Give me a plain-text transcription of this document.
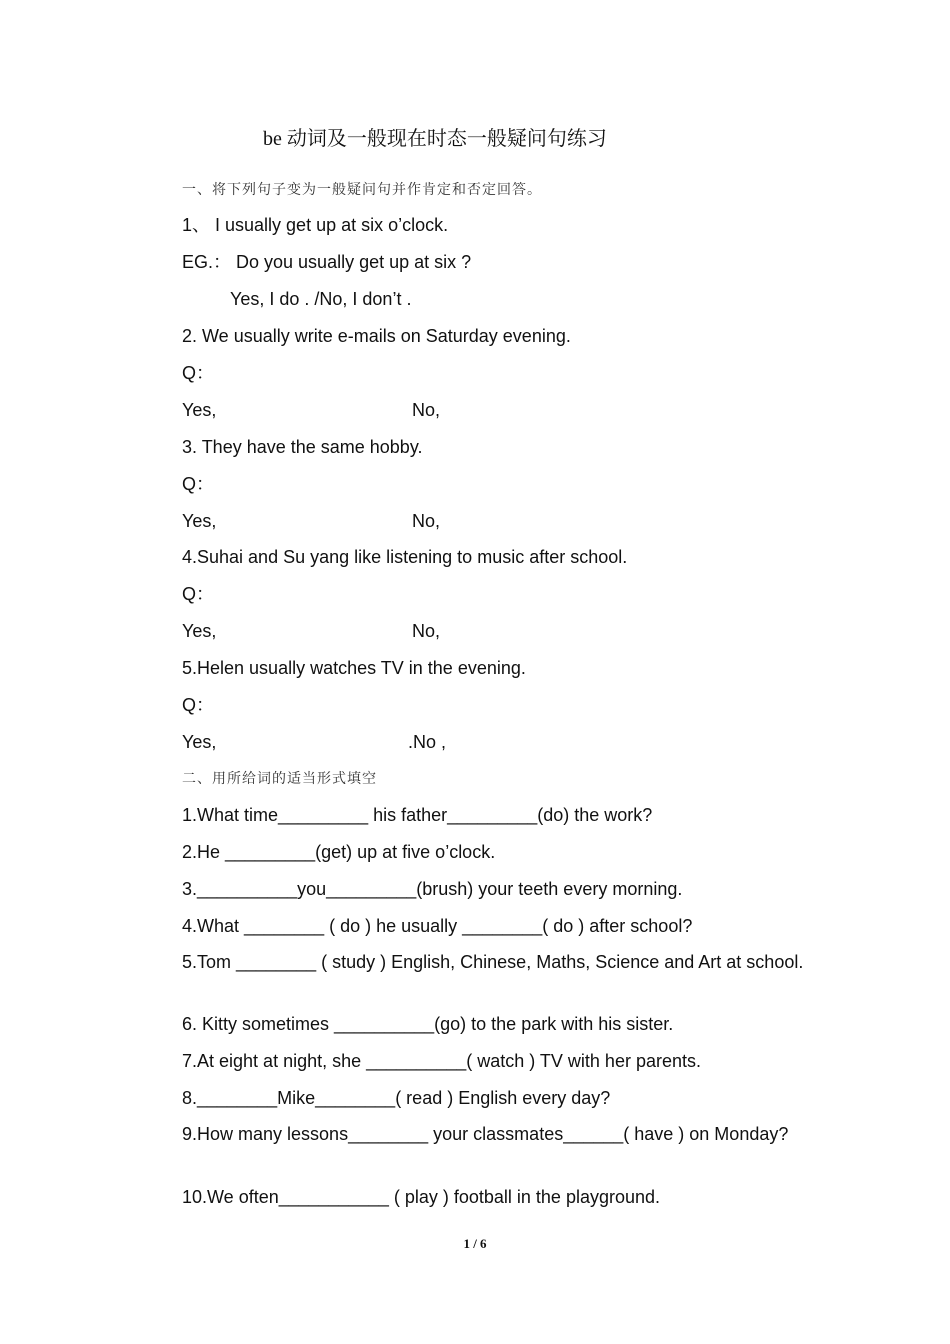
be 动词及一般现在时态一般疑问句练习
一、将下列句子变为一般疑问句并作肯定和否定回答。
1、 I usually get up at six o’clock.
EG.： Do you usually get up at six ?
Yes, I do . /No, I don’t .
2. We usually write e-mails on Saturday evening.
Q：
Yes,	No,
3. They have the same hobby.
Q：
Yes,	No,
4.Suhai and Su yang like listening to music after school.
Q：
Yes,	No,
5.Helen usually watches TV in the evening.
Q：
Yes,	.No ,
二、用所给词的适当形式填空
1.What time_________ his father_________(do) the work?
2.He _________(get) up at five o’clock.
3.__________you_________(brush) your teeth every morning.
4.What ________ ( do ) he usually ________( do ) after school?
5.Tom ________ ( study ) English, Chinese, Maths, Science and Art at school.
6. Kitty sometimes __________(go) to the park with his sister.
7.At eight at night, she __________( watch ) TV with her parents.
8.________Mike________( read ) English every day?
9.How many lessons________ your classmates______( have ) on Monday?
10.We often___________ ( play ) football in the playground.
1 / 6
